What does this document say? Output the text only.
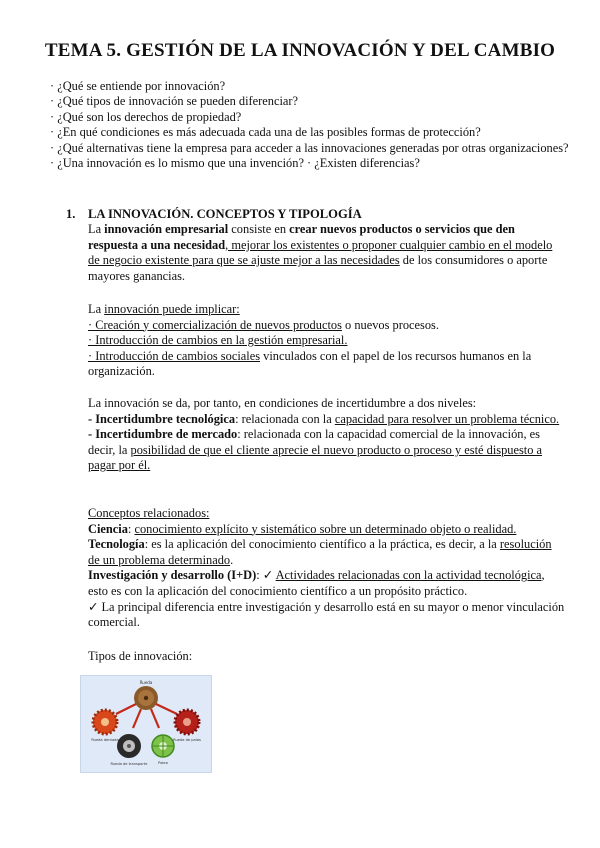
TEMA 5. GESTIÓN DE LA INNOVACIÓN Y DEL CAMBIO
· ¿Qué se entiende por innovación?
· ¿Qué tipos de innovación se pueden diferenciar?
· ¿Qué son los derechos de propiedad?
· ¿En qué condiciones es más adecuada cada una de las posibles formas de protección?
· ¿Qué alternativas tiene la empresa para acceder a las innovaciones generadas por otras organizaciones?
· ¿Una innovación es lo mismo que una invención? · ¿Existen diferencias?
1. LA INNOVACIÓN. CONCEPTOS Y TIPOLOGÍA
La innovación empresarial consiste en crear nuevos productos o servicios que den respuesta a una necesidad, mejorar los existentes o proponer cualquier cambio en el modelo de negocio existente para que se ajuste mejor a las necesidades de los consumidores o aporte mayores ganancias.
La innovación puede implicar:
· Creación y comercialización de nuevos productos o nuevos procesos.
· Introducción de cambios en la gestión empresarial.
· Introducción de cambios sociales vinculados con el papel de los recursos humanos en la organización.
La innovación se da, por tanto, en condiciones de incertidumbre a dos niveles:
- Incertidumbre tecnológica: relacionada con la capacidad para resolver un problema técnico.
- Incertidumbre de mercado: relacionada con la capacidad comercial de la innovación, es decir, la posibilidad de que el cliente aprecie el nuevo producto o proceso y esté dispuesto a pagar por él.
Conceptos relacionados:
Ciencia: conocimiento explícito y sistemático sobre un determinado objeto o realidad.
Tecnología: es la aplicación del conocimiento científico a la práctica, es decir, a la resolución de un problema determinado.
Investigación y desarrollo (I+D): ✓ Actividades relacionadas con la actividad tecnológica, esto es con la aplicación del conocimiento científico a un propósito práctico.
✓ La principal diferencia entre investigación y desarrollo está en su mayor o menor vinculación comercial.
Tipos de innovación:
Rueda
Rueda dentada	Rueda de palas
Rueda de transporte	Polea
